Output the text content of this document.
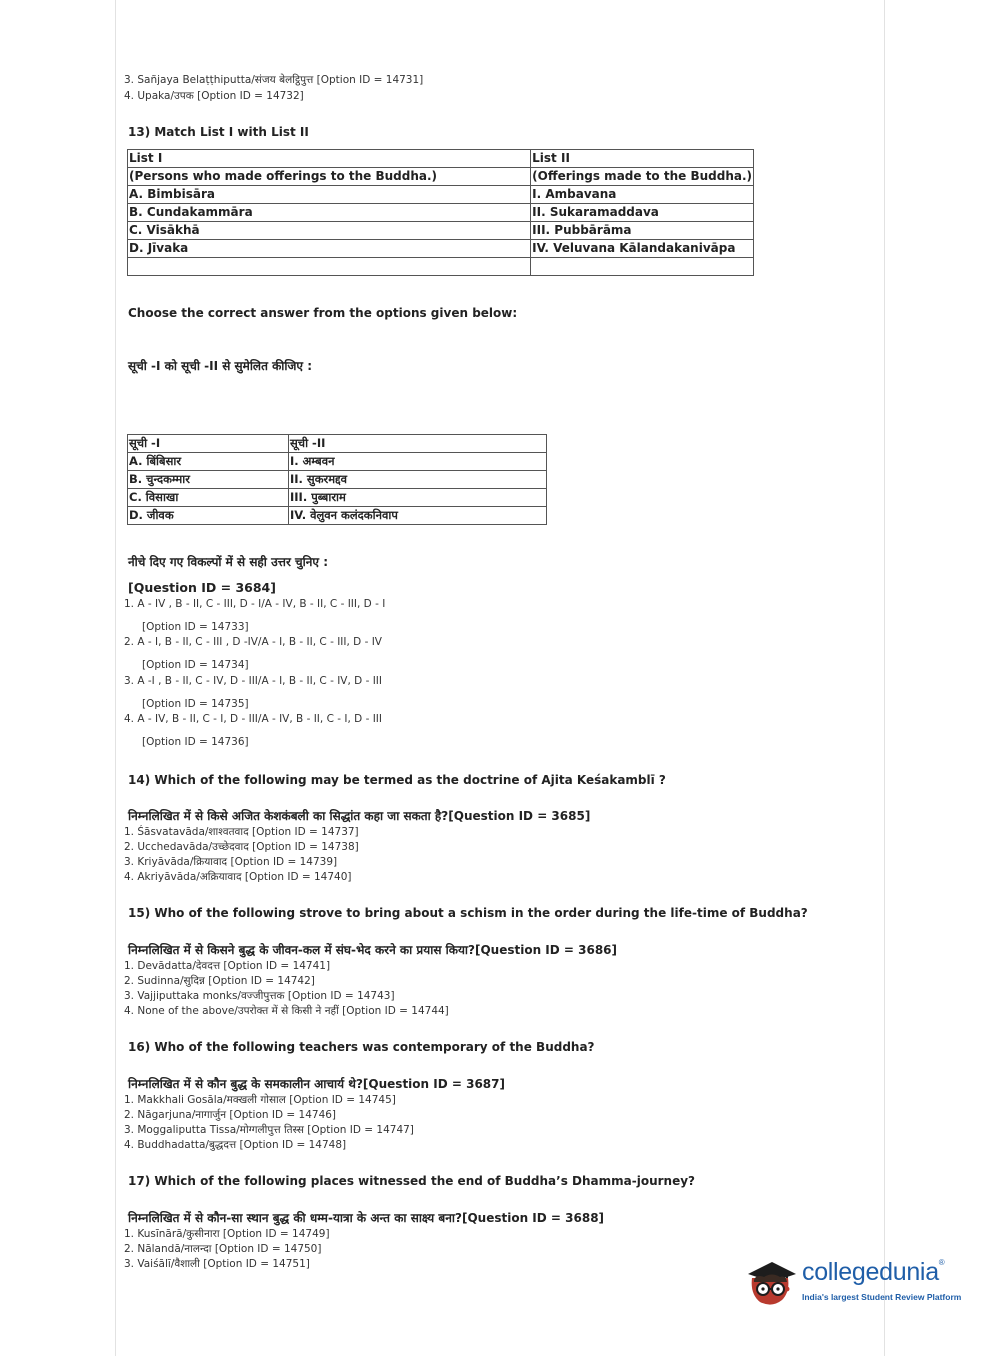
3. Sañjaya Belaṭṭhiputta/संजय बेलट्ठिपुत्त [Option ID = 14731]
4. Upaka/उपक [Option ID = 14732]
13) Match List I with List II
List I	List II
(Persons who made offerings to the Buddha.)	(Offerings made to the Buddha.)
A. Bimbisāra	I. Ambavana
B. Cundakammāra	II. Sukaramaddava
C. Visākhā	III. Pubbārāma
D. Jīvaka	IV. Veluvana Kālandakanivāpa

Choose the correct answer from the options given below:
सूची -I को सूची -II से सुमेलित कीजिए :
सूची -I	सूची -II
A. बिंबिसार	I. अम्बवन
B. चुन्दकम्मार	II. सुकरमद्दव
C. विसाखा	III. पुब्बाराम
D. जीवक	IV. वेलुवन कलंदकनिवाप
नीचे दिए गए विकल्पों में से सही उत्तर चुनिए :
[Question ID = 3684]
1. A - IV , B - II, C - III, D - I/A - IV, B - II, C - III, D - I
[Option ID = 14733]
2. A - I, B - II, C - III , D -IV/A - I, B - II, C - III, D - IV
[Option ID = 14734]
3. A -I , B - II, C - IV, D - III/A - I, B - II, C - IV, D - III
[Option ID = 14735]
4. A - IV, B - II, C - I, D - III/A - IV, B - II, C - I, D - III
[Option ID = 14736]
14) Which of the following may be termed as the doctrine of Ajita Keśakamblī ?
निम्नलिखित में से किसे अजित केशकंबली का सिद्धांत कहा जा सकता है?[Question ID = 3685]
1. Śāsvatavāda/शाश्वतवाद [Option ID = 14737]
2. Ucchedavāda/उच्छेदवाद [Option ID = 14738]
3. Kriyāvāda/क्रियावाद [Option ID = 14739]
4. Akriyāvāda/अक्रियावाद [Option ID = 14740]
15) Who of the following strove to bring about a schism in the order during the life-time of Buddha?
निम्नलिखित में से किसने बुद्ध के जीवन-कल में संघ-भेद करने का प्रयास किया?[Question ID = 3686]
1. Devādatta/देवदत्त [Option ID = 14741]
2. Sudinna/सुदिन्न [Option ID = 14742]
3. Vajjiputtaka monks/वज्जीपुत्तक [Option ID = 14743]
4. None of the above/उपरोक्त में से किसी ने नहीं [Option ID = 14744]
16) Who of the following teachers was contemporary of the Buddha?
निम्नलिखित में से कौन बुद्ध के समकालीन आचार्य थे?[Question ID = 3687]
1. Makkhali Gosāla/मक्खली गोसाल [Option ID = 14745]
2. Nāgarjuna/नागार्जुन [Option ID = 14746]
3. Moggaliputta Tissa/मोग्गलीपुत्त तिस्स [Option ID = 14747]
4. Buddhadatta/बुद्धदत्त [Option ID = 14748]
17) Which of the following places witnessed the end of Buddha’s Dhamma-journey?
निम्नलिखित में से कौन-सा स्थान बुद्ध की धम्म-यात्रा के अन्त का साक्ष्य बना?[Question ID = 3688]
1. Kusīnārā/कुसीनारा [Option ID = 14749]
2. Nālandā/नालन्दा [Option ID = 14750]
3. Vaiśālī/वैशाली [Option ID = 14751]	collegedunia®
India's largest Student Review Platform
